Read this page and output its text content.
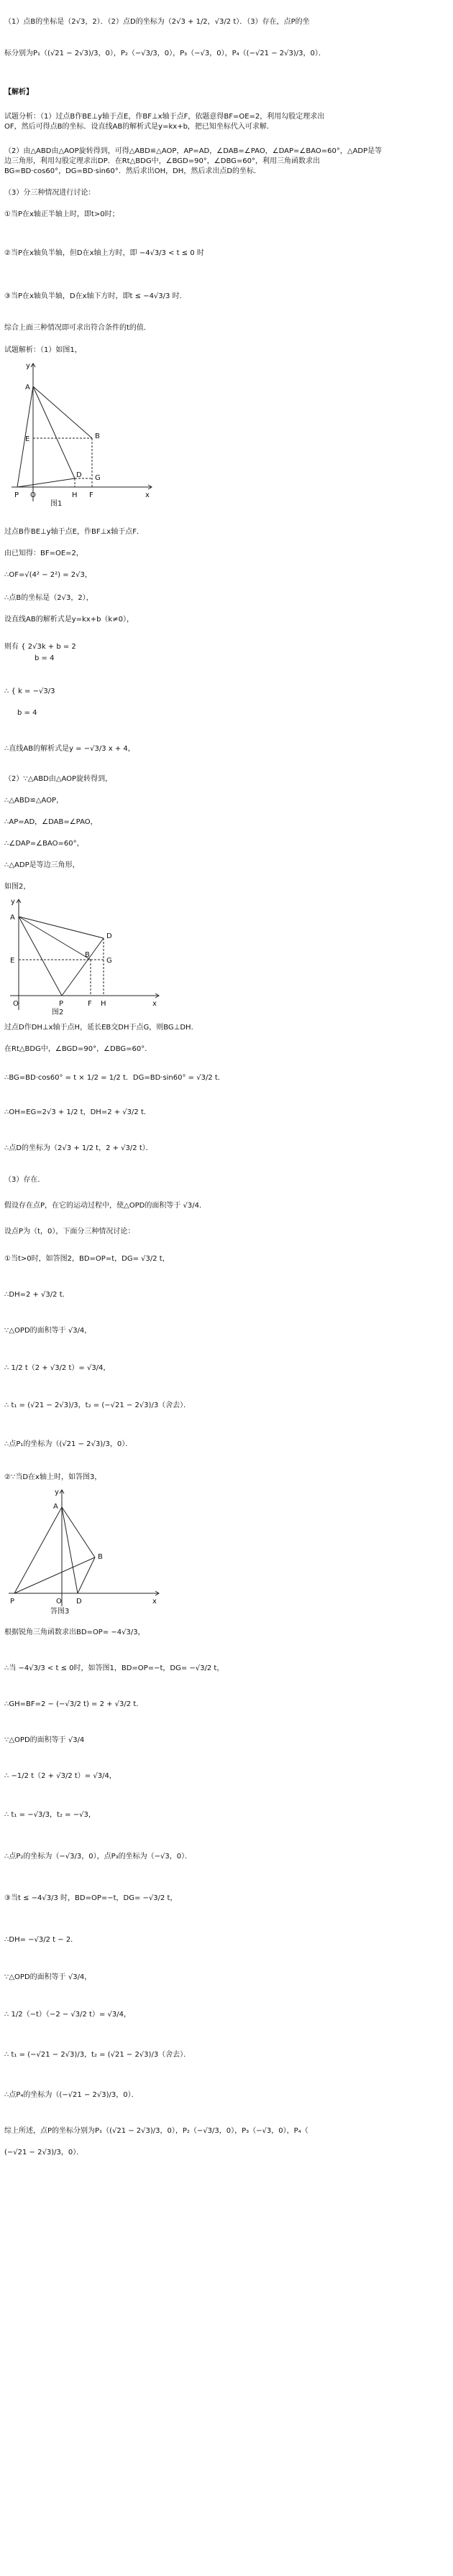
（1）点B的坐标是（2√3，2）．（2）点D的坐标为（2√3 + 1/2，√3/2 t）．（3）存在，点P的坐
标分别为P₁（(√21 − 2√3)/3，0），P₂（−√3/3，0），P₃（−√3，0），P₄（(−√21 − 2√3)/3，0）．
【解析】
试题分析：（1）过点B作BE⊥y轴于点E，作BF⊥x轴于点F，依题意得BF=OE=2，利用勾股定理求出
OF，然后可得点B的坐标．设直线AB的解析式是y=kx+b，把已知坐标代入可求解．
（2）由△ABD由△AOP旋转得到，可得△ABD≌△AOP，AP=AD，∠DAB=∠PAO，∠DAP=∠BAO=60°，△ADP是等
边三角形，利用勾股定理求出DP．在Rt△BDG中，∠BGD=90°，∠DBG=60°，利用三角函数求出
BG=BD·cos60°，DG=BD·sin60°．然后求出OH，DH，然后求出点D的坐标．
（3）分三种情况进行讨论：
①当P在x轴正半轴上时，即t>0时；
②当P在x轴负半轴，但D在x轴上方时，即 −4√3/3 < t ≤ 0 时
③当P在x轴负半轴，D在x轴下方时，即t ≤ −4√3/3 时．
综合上面三种情况即可求出符合条件的t的值．
试题解析：（1）如图1，
y
x
A
B
D
E
F
G
H
P O
图1
过点B作BE⊥y轴于点E，作BF⊥x轴于点F．
由已知得：BF=OE=2，
∴OF=√(4² − 2²) = 2√3，
∴点B的坐标是（2√3，2），
设直线AB的解析式是y=kx+b（k≠0），
则有 { 2√3k + b = 2
b = 4
∴ { k = −√3/3
b = 4
∴直线AB的解析式是y = −√3/3 x + 4，
（2）∵△ABD由△AOP旋转得到，
∴△ABD≌△AOP，
∴AP=AD，∠DAB=∠PAO，
∴∠DAP=∠BAO=60°，
∴△ADP是等边三角形，
如图2，
y
x
A
B
D
E
F
G
H
P
O
图2
过点D作DH⊥x轴于点H，延长EB交DH于点G，则BG⊥DH．
在Rt△BDG中，∠BGD=90°，∠DBG=60°．
∴BG=BD·cos60° = t × 1/2 = 1/2 t．DG=BD·sin60° = √3/2 t．
∴OH=EG=2√3 + 1/2 t，DH=2 + √3/2 t．
∴点D的坐标为（2√3 + 1/2 t，2 + √3/2 t）．
（3）存在．
假设存在点P，在它的运动过程中，使△OPD的面积等于 √3/4．
设点P为（t，0），下面分三种情况讨论：
①当t>0时，如答图2，BD=OP=t，DG= √3/2 t，
∴DH=2 + √3/2 t．
∵△OPD的面积等于 √3/4，
∴ 1/2 t（2 + √3/2 t）= √3/4，
∴ t₁ = (√21 − 2√3)/3，t₂ = (−√21 − 2√3)/3（舍去）．
∴点P₁的坐标为（(√21 − 2√3)/3，0）．
②∵当D在x轴上时，如答图3，
y
x
A
B
D
P	O
答图3
根据锐角三角函数求出BD=OP= −4√3/3，
∴当 −4√3/3 < t ≤ 0时，如答图1，BD=OP=−t，DG= −√3/2 t，
∴GH=BF=2 − (−√3/2 t) = 2 + √3/2 t．
∵△OPD的面积等于 √3/4
∴ −1/2 t（2 + √3/2 t）= √3/4，
∴ t₁ = −√3/3，t₂ = −√3，
∴点P₂的坐标为（−√3/3，0），点P₃的坐标为（−√3，0）．
③当t ≤ −4√3/3 时，BD=OP=−t，DG= −√3/2 t，
∴DH= −√3/2 t − 2．
∵△OPD的面积等于 √3/4，
∴ 1/2（−t）（−2 − √3/2 t）= √3/4，
∴ t₁ = (−√21 − 2√3)/3，t₂ = (√21 − 2√3)/3（舍去）．
∴点P₄的坐标为（(−√21 − 2√3)/3，0）．
综上所述，点P的坐标分别为P₁（(√21 − 2√3)/3，0），P₂（−√3/3，0），P₃（−√3，0），P₄（
(−√21 − 2√3)/3，0）．
